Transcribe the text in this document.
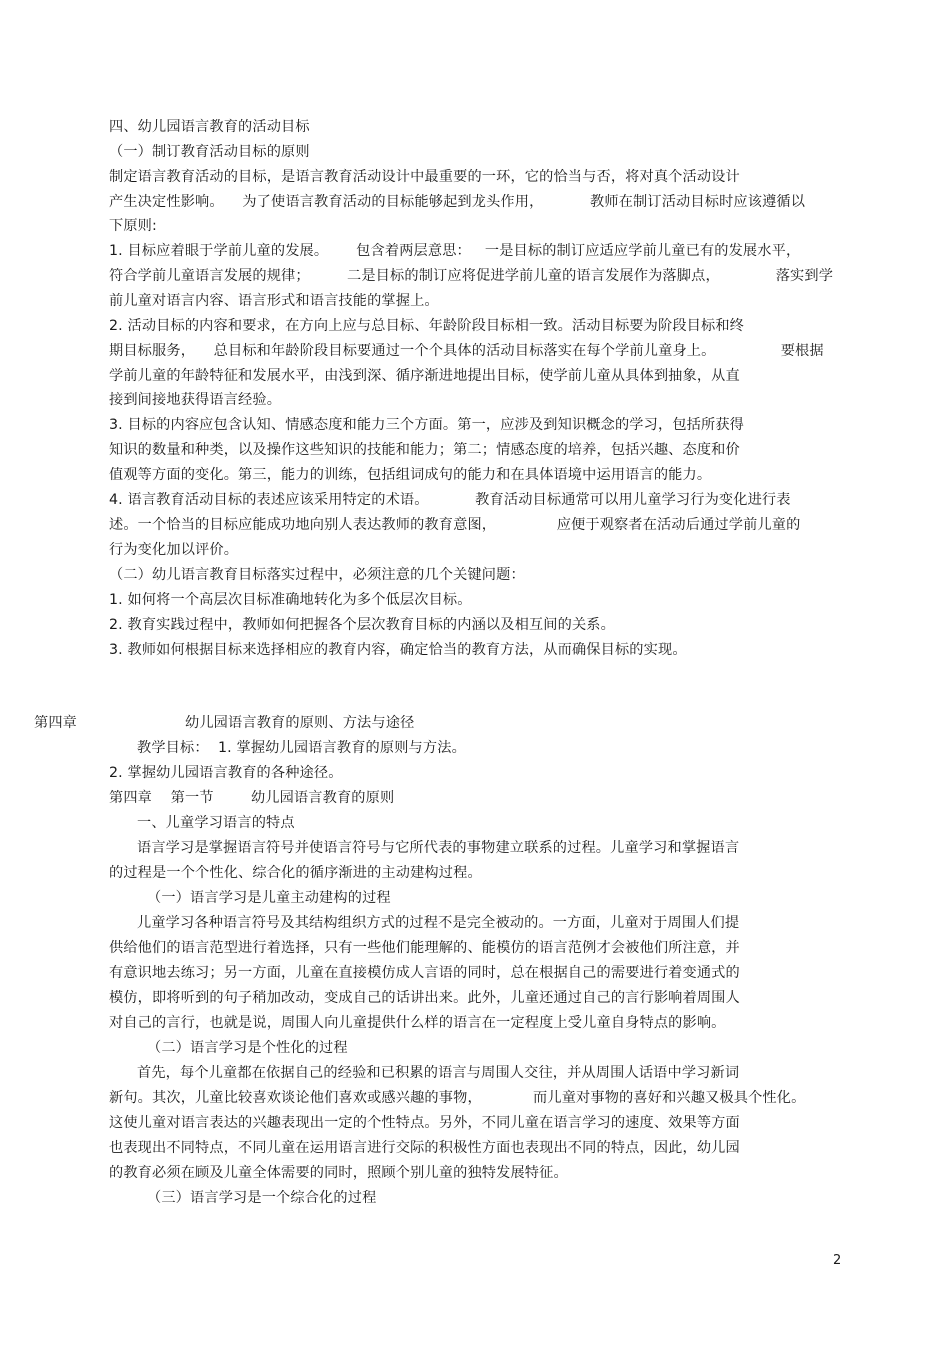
四、幼儿园语言教育的活动目标
（一）制订教育活动目标的原则
制定语言教育活动的目标，是语言教育活动设计中最重要的一环，它的恰当与否，将对真个活动设计
产生决定性影响。    为了使语言教育活动的目标能够起到龙头作用，          教师在制订活动目标时应该遵循以
下原则:
1. 目标应着眼于学前儿童的发展。      包含着两层意思：   一是目标的制订应适应学前儿童已有的发展水平，
符合学前儿童语言发展的规律；        二是目标的制订应将促进学前儿童的语言发展作为落脚点，            落实到学
前儿童对语言内容、语言形式和语言技能的掌握上。
2. 活动目标的内容和要求，在方向上应与总目标、年龄阶段目标相一致。活动目标要为阶段目标和终
期目标服务，    总目标和年龄阶段目标要通过一个个具体的活动目标落实在每个学前儿童身上。              要根据
学前儿童的年龄特征和发展水平，由浅到深、循序渐进地提出目标，使学前儿童从具体到抽象，从直
接到间接地获得语言经验。
3. 目标的内容应包含认知、情感态度和能力三个方面。第一，应涉及到知识概念的学习，包括所获得
知识的数量和种类，以及操作这些知识的技能和能力；第二；情感态度的培养，包括兴趣、态度和价
值观等方面的变化。第三，能力的训练，包括组词成句的能力和在具体语境中运用语言的能力。
4. 语言教育活动目标的表述应该采用特定的术语。          教育活动目标通常可以用儿童学习行为变化进行表
述。一个恰当的目标应能成功地向别人表达教师的教育意图，             应便于观察者在活动后通过学前儿童的
行为变化加以评价。
（二）幼儿语言教育目标落实过程中，必须注意的几个关键问题：
1. 如何将一个高层次目标准确地转化为多个低层次目标。
2. 教育实践过程中，教师如何把握各个层次教育目标的内涵以及相互间的关系。
3. 教师如何根据目标来选择相应的教育内容，确定恰当的教育方法，从而确保目标的实现。
第四章	幼儿园语言教育的原则、方法与途径
教学目标：  1. 掌握幼儿园语言教育的原则与方法。
2. 掌握幼儿园语言教育的各种途径。
第四章    第一节        幼儿园语言教育的原则
一、儿童学习语言的特点
语言学习是掌握语言符号并使语言符号与它所代表的事物建立联系的过程。儿童学习和掌握语言
的过程是一个个性化、综合化的循序渐进的主动建构过程。
（一）语言学习是儿童主动建构的过程
儿童学习各种语言符号及其结构组织方式的过程不是完全被动的。一方面，儿童对于周围人们提
供给他们的语言范型进行着选择，只有一些他们能理解的、能模仿的语言范例才会被他们所注意，并
有意识地去练习；另一方面，儿童在直接模仿成人言语的同时，总在根据自己的需要进行着变通式的
模仿，即将听到的句子稍加改动，变成自己的话讲出来。此外，儿童还通过自己的言行影响着周围人
对自己的言行，也就是说，周围人向儿童提供什么样的语言在一定程度上受儿童自身特点的影响。
（二）语言学习是个性化的过程
首先，每个儿童都在依据自己的经验和已积累的语言与周围人交往，并从周围人话语中学习新词
新句。其次，儿童比较喜欢谈论他们喜欢或感兴趣的事物，           而儿童对事物的喜好和兴趣又极具个性化。
这使儿童对语言表达的兴趣表现出一定的个性特点。另外，不同儿童在语言学习的速度、效果等方面
也表现出不同特点，不同儿童在运用语言进行交际的积极性方面也表现出不同的特点，因此，幼儿园
的教育必须在顾及儿童全体需要的同时，照顾个别儿童的独特发展特征。
（三）语言学习是一个综合化的过程
2
